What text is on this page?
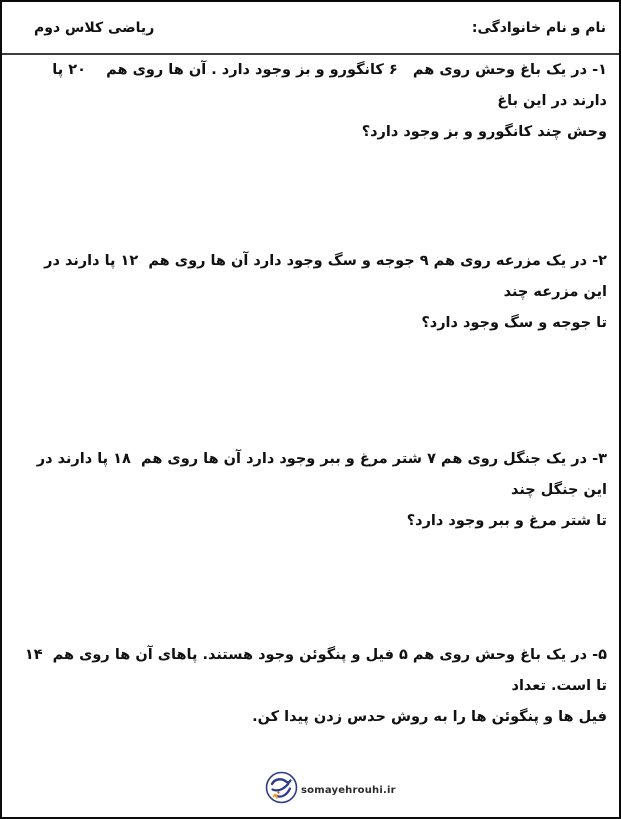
نام و نام خانوادگی:
ریاضی کلاس دوم

۱- در یک باغ وحش روی هم   ۶ کانگورو و بز وجود دارد . آن ها روی هم    ۲۰ پا دارند در این باغ

وحش چند کانگورو و بز وجود دارد؟

۲- در یک مزرعه روی هم ۹ جوجه و سگ وجود دارد آن ها روی هم  ۱۲ پا دارند در این مزرعه چند

تا جوجه و سگ وجود دارد؟

۳- در یک جنگل روی هم ۷ شتر مرغ و ببر وجود دارد آن ها روی هم  ۱۸ پا دارند در این جنگل چند

تا شتر مرغ و ببر وجود دارد؟

۵- در یک باغ وحش روی هم ۵ فیل و پنگوئن وجود هستند. پاهای آن ها روی هم  ۱۴ تا است. تعداد

فیل ها و پنگوئن ها را به روش حدس زدن پیدا کن.

somayehrouhi.ir
